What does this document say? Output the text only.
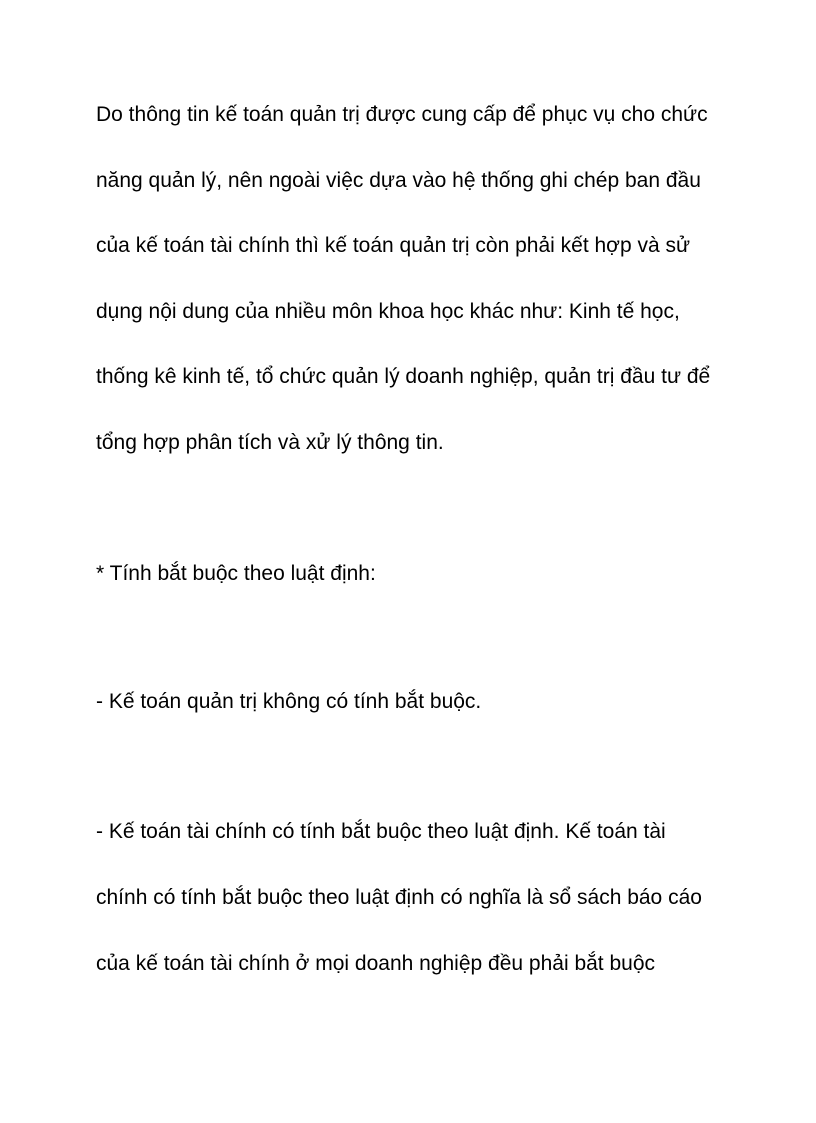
Do thông tin kế toán quản trị được cung cấp để phục vụ cho chức

năng quản lý, nên ngoài việc dựa vào hệ thống ghi chép ban đầu

của kế toán tài chính thì kế toán quản trị còn phải kết hợp và sử

dụng nội dung của nhiều môn khoa học khác như: Kinh tế học,

thống kê kinh tế, tổ chức quản lý doanh nghiệp, quản trị đầu tư để

tổng hợp phân tích và xử lý thông tin.

* Tính bắt buộc theo luật định:

- Kế toán quản trị không có tính bắt buộc.

- Kế toán tài chính có tính bắt buộc theo luật định. Kế toán tài

chính có tính bắt buộc theo luật định có nghĩa là sổ sách báo cáo

của kế toán tài chính ở mọi doanh nghiệp đều phải bắt buộc
